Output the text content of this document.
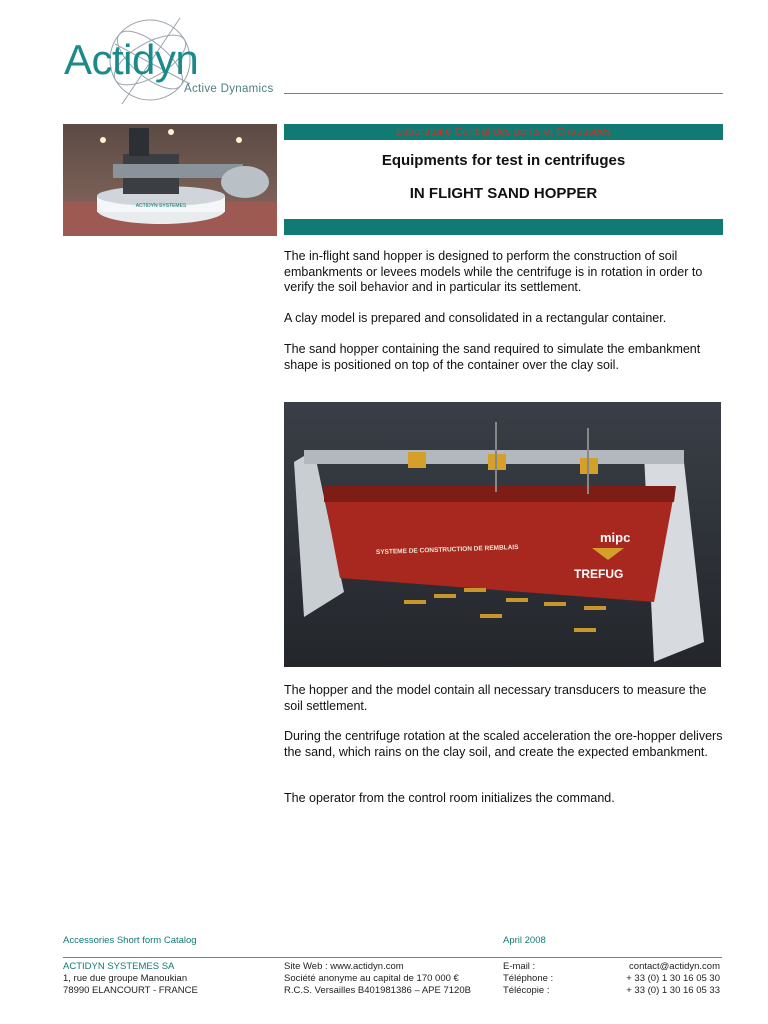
Actidyn
Active Dynamics
ACTIDYN SYSTEMES
Laboratoire Central des ponts et Chaussées
Equipments for test in centrifuges
IN FLIGHT SAND HOPPER
The in-flight sand hopper is designed to perform the construction of soil embankments or levees models while the centrifuge is in rotation in order to verify the soil behavior and in particular its settlement.
A clay model is prepared and consolidated in a rectangular container.
The sand hopper containing the sand required to simulate the embankment shape is positioned on top of the container over the clay soil.
mipc
TREFUG
SYSTEME DE CONSTRUCTION DE REMBLAIS
The hopper and the model contain all necessary transducers to measure the soil settlement.
During the centrifuge rotation at the scaled acceleration the ore-hopper delivers the sand, which rains on the clay soil, and create the expected embankment.
The operator from the control room initializes the command.
Accessories Short form Catalog	April 2008
ACTIDYN SYSTEMES SA
1, rue due groupe Manoukian
78990 ELANCOURT - FRANCE
Site Web : www.actidyn.com
Société anonyme au capital de 170 000 €
R.C.S. Versailles B401981386 – APE 7120B
E-mail :
Téléphone :
Télécopie :
contact@actidyn.com
+ 33 (0) 1 30 16 05 30
+ 33 (0) 1 30 16 05 33
